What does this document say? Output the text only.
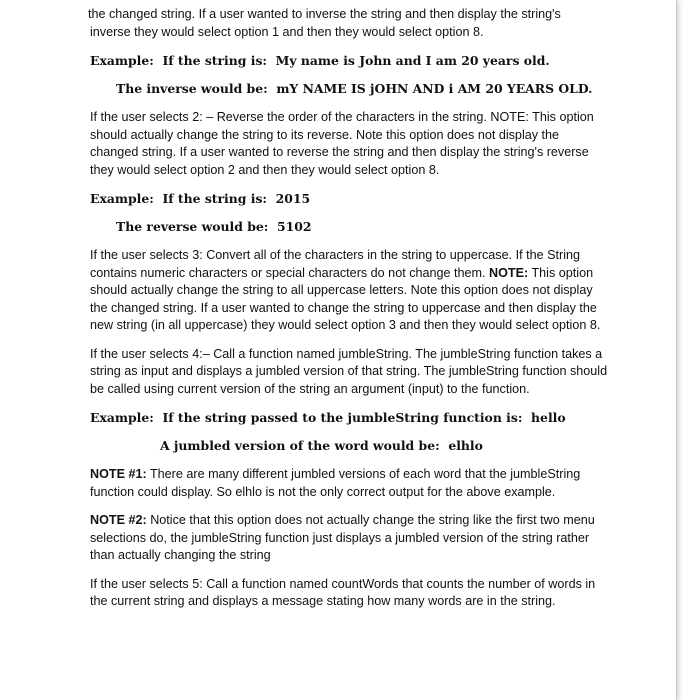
the changed string. If a user wanted to inverse the string and then display the string's

inverse they would select option 1 and then they would select option 8.

Example: If the string is: My name is John and I am 20 years old.

The inverse would be: mY NAME IS jOHN AND i AM 20 YEARS OLD.

If the user selects 2: – Reverse the order of the characters in the string. NOTE: This option should actually change the string to its reverse. Note this option does not display the changed string. If a user wanted to reverse the string and then display the string's reverse they would select option 2 and then they would select option 8.

Example: If the string is: 2015

The reverse would be: 5102

If the user selects 3: Convert all of the characters in the string to uppercase. If the String contains numeric characters or special characters do not change them. NOTE: This option should actually change the string to all uppercase letters. Note this option does not display the changed string. If a user wanted to change the string to uppercase and then display the new string (in all uppercase) they would select option 3 and then they would select option 8.

If the user selects 4:– Call a function named jumbleString. The jumbleString function takes a string as input and displays a jumbled version of that string. The jumbleString function should be called using current version of the string an argument (input) to the function.

Example: If the string passed to the jumbleString function is: hello

A jumbled version of the word would be: elhlo

NOTE #1: There are many different jumbled versions of each word that the jumbleString function could display. So elhlo is not the only correct output for the above example.

NOTE #2: Notice that this option does not actually change the string like the first two menu selections do, the jumbleString function just displays a jumbled version of the string rather than actually changing the string

If the user selects 5: Call a function named countWords that counts the number of words in the current string and displays a message stating how many words are in the string.
